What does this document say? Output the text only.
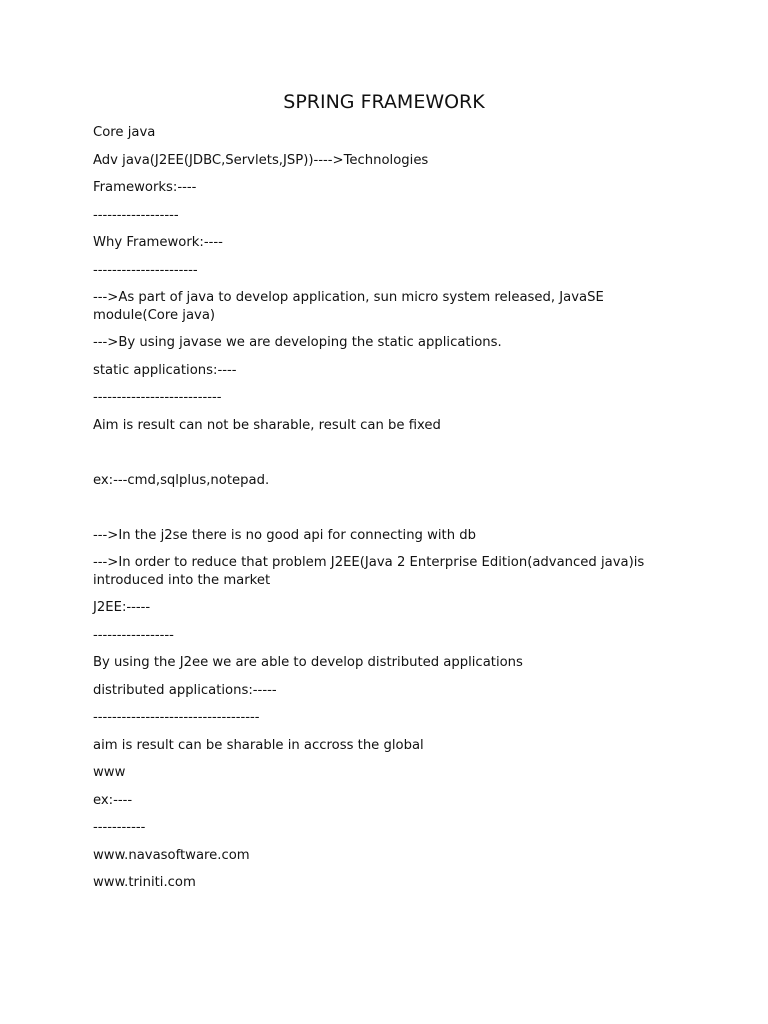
SPRING FRAMEWORK

Core java

Adv java(J2EE(JDBC,Servlets,JSP))---->Technologies

Frameworks:----

------------------

Why Framework:----

----------------------

--->As part of java to develop application, sun micro system released, JavaSE module(Core java)

--->By using javase we are developing the static applications.

static applications:----

---------------------------

Aim is result can not be sharable, result can be fixed

ex:---cmd,sqlplus,notepad.

--->In the j2se there is no good api for connecting with db

--->In order to reduce that problem J2EE(Java 2 Enterprise Edition(advanced java)is introduced into the market

J2EE:-----

-----------------

By using the J2ee we are able to develop distributed applications

distributed applications:-----

-----------------------------------

aim is result can be sharable in accross the global

www

ex:----

-----------

www.navasoftware.com

www.triniti.com
